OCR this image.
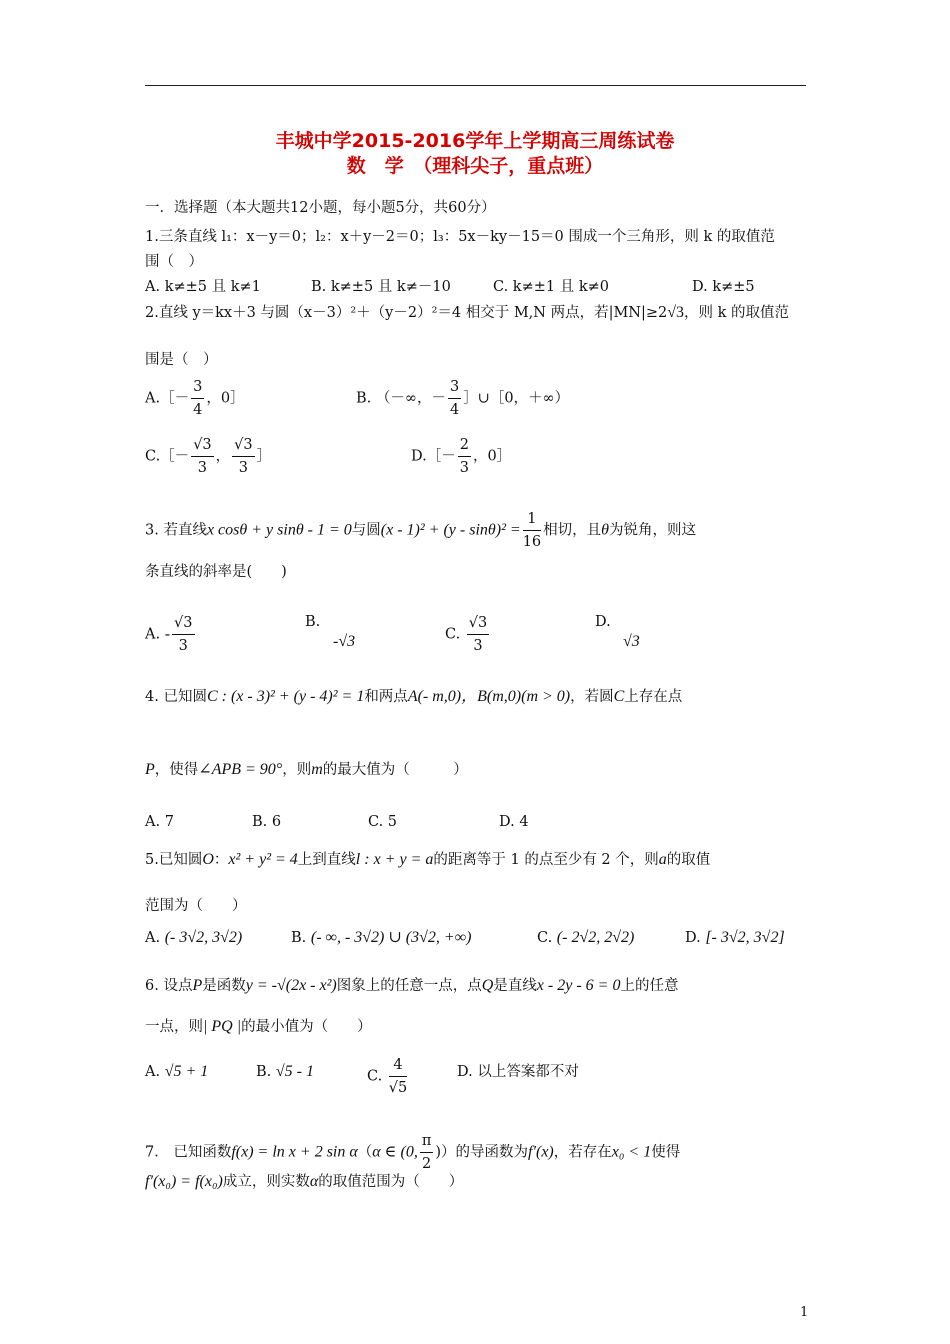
丰城中学2015-2016学年上学期高三周练试卷
数　学　（理科尖子，重点班）
一．选择题（本大题共12小题，每小题5分，共60分）
1.三条直线 l₁：x－y＝0；l₂：x＋y－2＝0；l₃：5x－ky－15＝0 围成一个三角形，则 k 的取值范
围（　）
A. k≠±5 且 k≠1	B. k≠±5 且 k≠－10	C. k≠±1 且 k≠0	D. k≠±5
2.直线 y＝kx＋3 与圆（x－3）²＋（y－2）²＝4 相交于 M,N 两点，若|MN|≥2√3，则 k 的取值范
围是（　）
A.［－ $\frac{3}{4}$ ，0］	B. （－∞，－ $\frac{3}{4}$ ］∪［0，＋∞）
C.［－ $\frac{√3}{3}$ ， $\frac{√3}{3}$ ］	D.［－ $\frac{2}{3}$ ，0］
3. 若直线x cosθ + y sinθ - 1 = 0与圆$(x - 1)^2 + (y - \sin\theta)^2 = \frac{1}{16}$ 相切，且θ为锐角，则这
条直线的斜率是(　　)
A. - $\frac{√3}{3}$	B.
-√3	C. $\frac{√3}{3}$	D.
√3
4. 已知圆C : (x - 3)² + (y - 4)² = 1和两点A(- m,0)，B(m,0)(m > 0)，若圆C上存在点
P，使得∠APB = 90°，则m的最大值为（　　　）
A. 7	B. 6	C. 5	D. 4
5.已知圆O：x² + y² = 4上到直线l : x + y = a的距离等于 1 的点至少有 2 个，则a的取值
范围为（　　）
A. (- 3√2, 3√2)	B. (- ∞, - 3√2) ∪ (3√2, +∞)	C. (- 2√2, 2√2)	D. [- 3√2, 3√2]
6. 设点P是函数y = -√(2x - x²)图象上的任意一点，点Q是直线x - 2y - 6 = 0上的任意
一点，则| PQ |的最小值为（　　）
A. √5 + 1	B. √5 - 1	C. $\frac{4}{√5}$	D. 以上答案都不对
7． 已知函数f(x) = ln x + 2 sin α（α ∈ (0, $\frac{\pi}{2}$ )）的导函数为f′(x)，若存在x₀ < 1使得
f′(x₀) = f(x₀)成立，则实数α的取值范围为（　　）
1
